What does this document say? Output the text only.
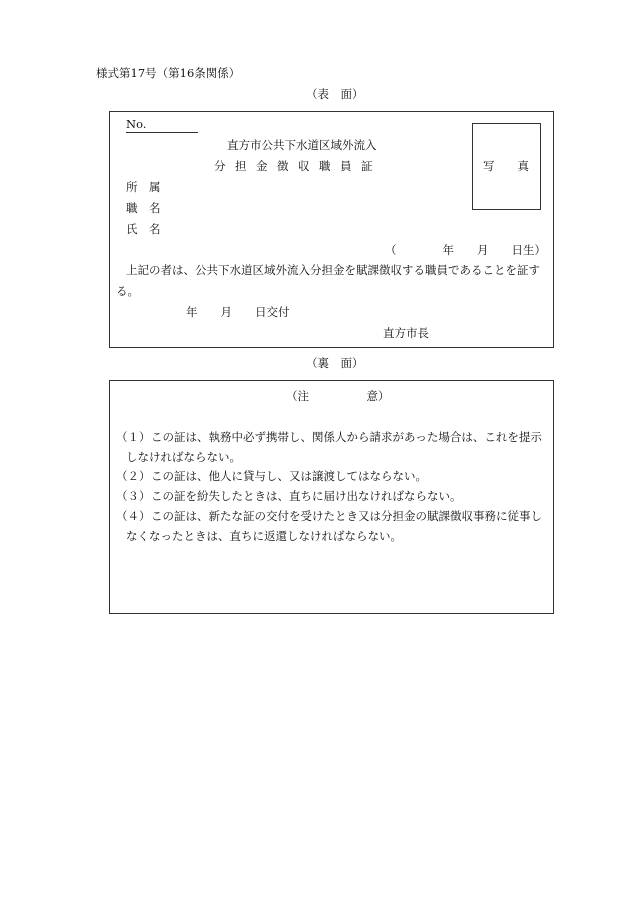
様式第17号（第16条関係）
（表　面）
No.
直方市公共下水道区域外流入
分担金徴収職員証	写　　真
所　属
職　名
氏　名
（　　　　年　　月　　日生）
上記の者は、公共下水道区域外流入分担金を賦課徴収する職員であることを証す
る。
年　　月　　日交付
直方市長
（裏　面）
（注　　　　　意）
（１） この証は、執務中必ず携帯し、関係人から請求があった場合は、これを提示
しなければならない。
（２） この証は、他人に貸与し、又は譲渡してはならない。
（３） この証を紛失したときは、直ちに届け出なければならない。
（４） この証は、新たな証の交付を受けたとき又は分担金の賦課徴収事務に従事し
なくなったときは、直ちに返還しなければならない。
